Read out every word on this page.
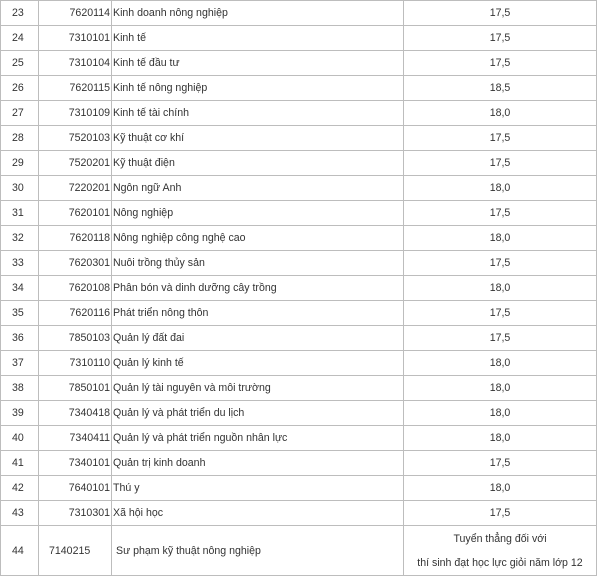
23	7620114	Kinh doanh nông nghiệp	17,5
24	7310101	Kinh tế	17,5
25	7310104	Kinh tế đầu tư	17,5
26	7620115	Kinh tế nông nghiệp	18,5
27	7310109	Kinh tế tài chính	18,0
28	7520103	Kỹ thuật cơ khí	17,5
29	7520201	Kỹ thuật điện	17,5
30	7220201	Ngôn ngữ Anh	18,0
31	7620101	Nông nghiệp	17,5
32	7620118	Nông nghiệp công nghệ cao	18,0
33	7620301	Nuôi trồng thủy sản	17,5
34	7620108	Phân bón và dinh dưỡng cây trồng	18,0
35	7620116	Phát triển nông thôn	17,5
36	7850103	Quản lý đất đai	17,5
37	7310110	Quản lý kinh tế	18,0
38	7850101	Quản lý tài nguyên và môi trường	18,0
39	7340418	Quản lý và phát triển du lịch	18,0
40	7340411	Quản lý và phát triển nguồn nhân lực	18,0
41	7340101	Quản trị kinh doanh	17,5
42	7640101	Thú y	18,0
43	7310301	Xã hội học	17,5
44	7140215	Sư phạm kỹ thuật nông nghiệp	Tuyển thẳng đối với
thí sinh đạt học lực giỏi năm lớp 12
